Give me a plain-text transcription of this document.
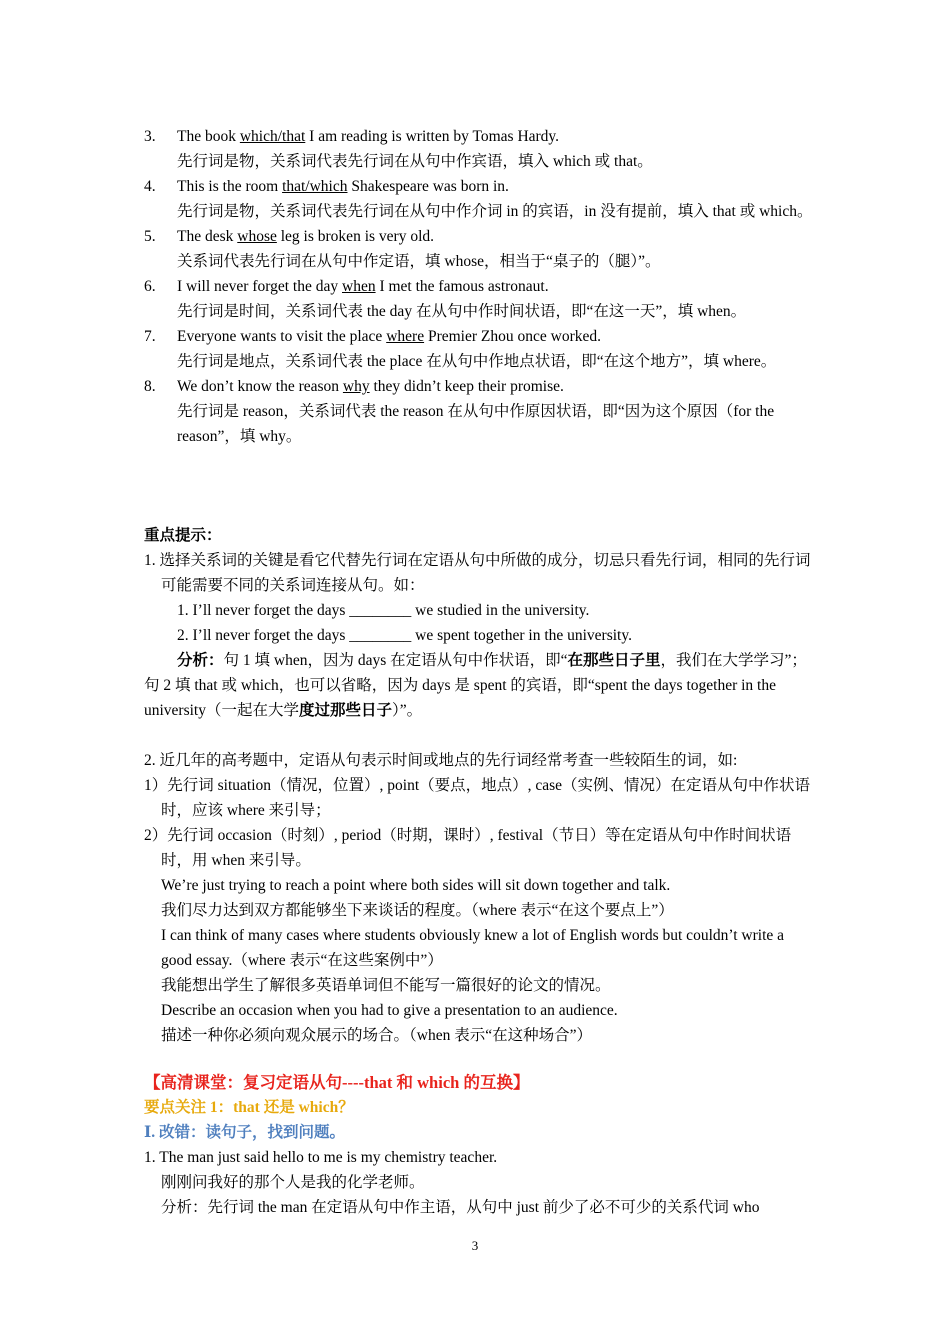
3. The book which/that I am reading is written by Tomas Hardy.
先行词是物，关系词代表先行词在从句中作宾语，填入 which 或 that。
4. This is the room that/which Shakespeare was born in.
先行词是物，关系词代表先行词在从句中作介词 in 的宾语，in 没有提前，填入 that 或 which。
5. The desk whose leg is broken is very old.
关系词代表先行词在从句中作定语，填 whose，相当于“桌子的（腿）”。
6. I will never forget the day when I met the famous astronaut.
先行词是时间，关系词代表 the day 在从句中作时间状语，即“在这一天”，填 when。
7. Everyone wants to visit the place where Premier Zhou once worked.
先行词是地点，关系词代表 the place 在从句中作地点状语，即“在这个地方”，填 where。
8. We don’t know the reason why they didn’t keep their promise.
先行词是 reason，关系词代表 the reason 在从句中作原因状语，即“因为这个原因（for the reason”，填 why。
重点提示：
1. 选择关系词的关键是看它代替先行词在定语从句中所做的成分，切忌只看先行词，相同的先行词可能需要不同的关系词连接从句。如：
1. I’ll never forget the days ________ we studied in the university.
2. I’ll never forget the days ________ we spent together in the university.
分析：句 1 填 when，因为 days 在定语从句中作状语，即“在那些日子里，我们在大学学习”；句 2 填 that 或 which，也可以省略，因为 days 是 spent 的宾语，即“spent the days together in the university（一起在大学度过那些日子）”。
2. 近几年的高考题中，定语从句表示时间或地点的先行词经常考查一些较陌生的词，如:
1）先行词 situation（情况，位置）, point（要点，地点）, case（实例、情况）在定语从句中作状语时，应该 where 来引导；
2）先行词 occasion（时刻）, period（时期，课时）, festival（节日）等在定语从句中作时间状语时，用 when 来引导。
We’re just trying to reach a point where both sides will sit down together and talk.
我们尽力达到双方都能够坐下来谈话的程度。（where 表示“在这个要点上”）
I can think of many cases where students obviously knew a lot of English words but couldn’t write a good essay.（where 表示“在这些案例中”）
我能想出学生了解很多英语单词但不能写一篇很好的论文的情况。
Describe an occasion when you had to give a presentation to an audience.
描述一种你必须向观众展示的场合。（when 表示“在这种场合”）
【高清课堂：复习定语从句----that 和 which 的互换】
要点关注 1：that 还是 which？
Ⅰ. 改错：读句子，找到问题。
1. The man just said hello to me is my chemistry teacher.
刚刚问我好的那个人是我的化学老师。
分析：先行词 the man 在定语从句中作主语，从句中 just 前少了必不可少的关系代词 who
3
